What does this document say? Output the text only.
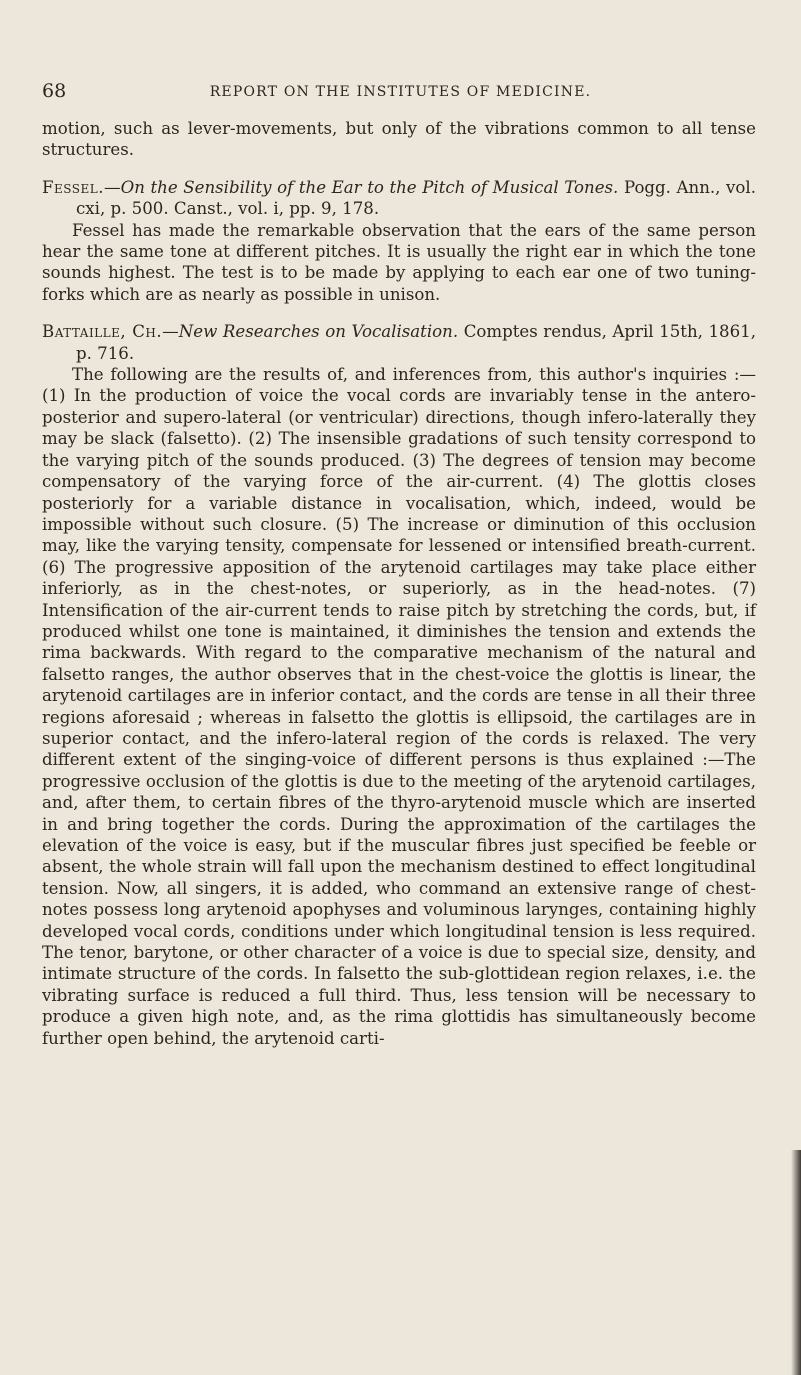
68	REPORT ON THE INSTITUTES OF MEDICINE.

motion, such as lever-movements, but only of the vibrations common to all tense structures.

Fessel.—On the Sensibility of the Ear to the Pitch of Musical Tones. Pogg. Ann., vol. cxi, p. 500. Canst., vol. i, pp. 9, 178.

Fessel has made the remarkable observation that the ears of the same person hear the same tone at different pitches. It is usually the right ear in which the tone sounds highest. The test is to be made by applying to each ear one of two tuning-forks which are as nearly as possible in unison.

Battaille, Ch.—New Researches on Vocalisation. Comptes rendus, April 15th, 1861, p. 716.

The following are the results of, and inferences from, this author's inquiries :—(1) In the production of voice the vocal cords are invariably tense in the antero-posterior and supero-lateral (or ventricular) directions, though infero-laterally they may be slack (falsetto). (2) The insensible gradations of such tensity correspond to the varying pitch of the sounds produced. (3) The degrees of tension may become compensatory of the varying force of the air-current. (4) The glottis closes posteriorly for a variable distance in vocalisation, which, indeed, would be impossible without such closure. (5) The increase or diminution of this occlusion may, like the varying tensity, compensate for lessened or intensified breath-current. (6) The progressive apposition of the arytenoid cartilages may take place either inferiorly, as in the chest-notes, or superiorly, as in the head-notes. (7) Intensification of the air-current tends to raise pitch by stretching the cords, but, if produced whilst one tone is maintained, it diminishes the tension and extends the rima backwards. With regard to the comparative mechanism of the natural and falsetto ranges, the author observes that in the chest-voice the glottis is linear, the arytenoid cartilages are in inferior contact, and the cords are tense in all their three regions aforesaid ; whereas in falsetto the glottis is ellipsoid, the cartilages are in superior contact, and the infero-lateral region of the cords is relaxed. The very different extent of the singing-voice of different persons is thus explained :—The progressive occlusion of the glottis is due to the meeting of the arytenoid cartilages, and, after them, to certain fibres of the thyro-arytenoid muscle which are inserted in and bring together the cords. During the approximation of the cartilages the elevation of the voice is easy, but if the muscular fibres just specified be feeble or absent, the whole strain will fall upon the mechanism destined to effect longitudinal tension. Now, all singers, it is added, who command an extensive range of chest-notes possess long arytenoid apophyses and voluminous larynges, containing highly developed vocal cords, conditions under which longitudinal tension is less required. The tenor, barytone, or other character of a voice is due to special size, density, and intimate structure of the cords. In falsetto the sub-glottidean region relaxes, i.e. the vibrating surface is reduced a full third. Thus, less tension will be necessary to produce a given high note, and, as the rima glottidis has simultaneously become further open behind, the arytenoid carti-
